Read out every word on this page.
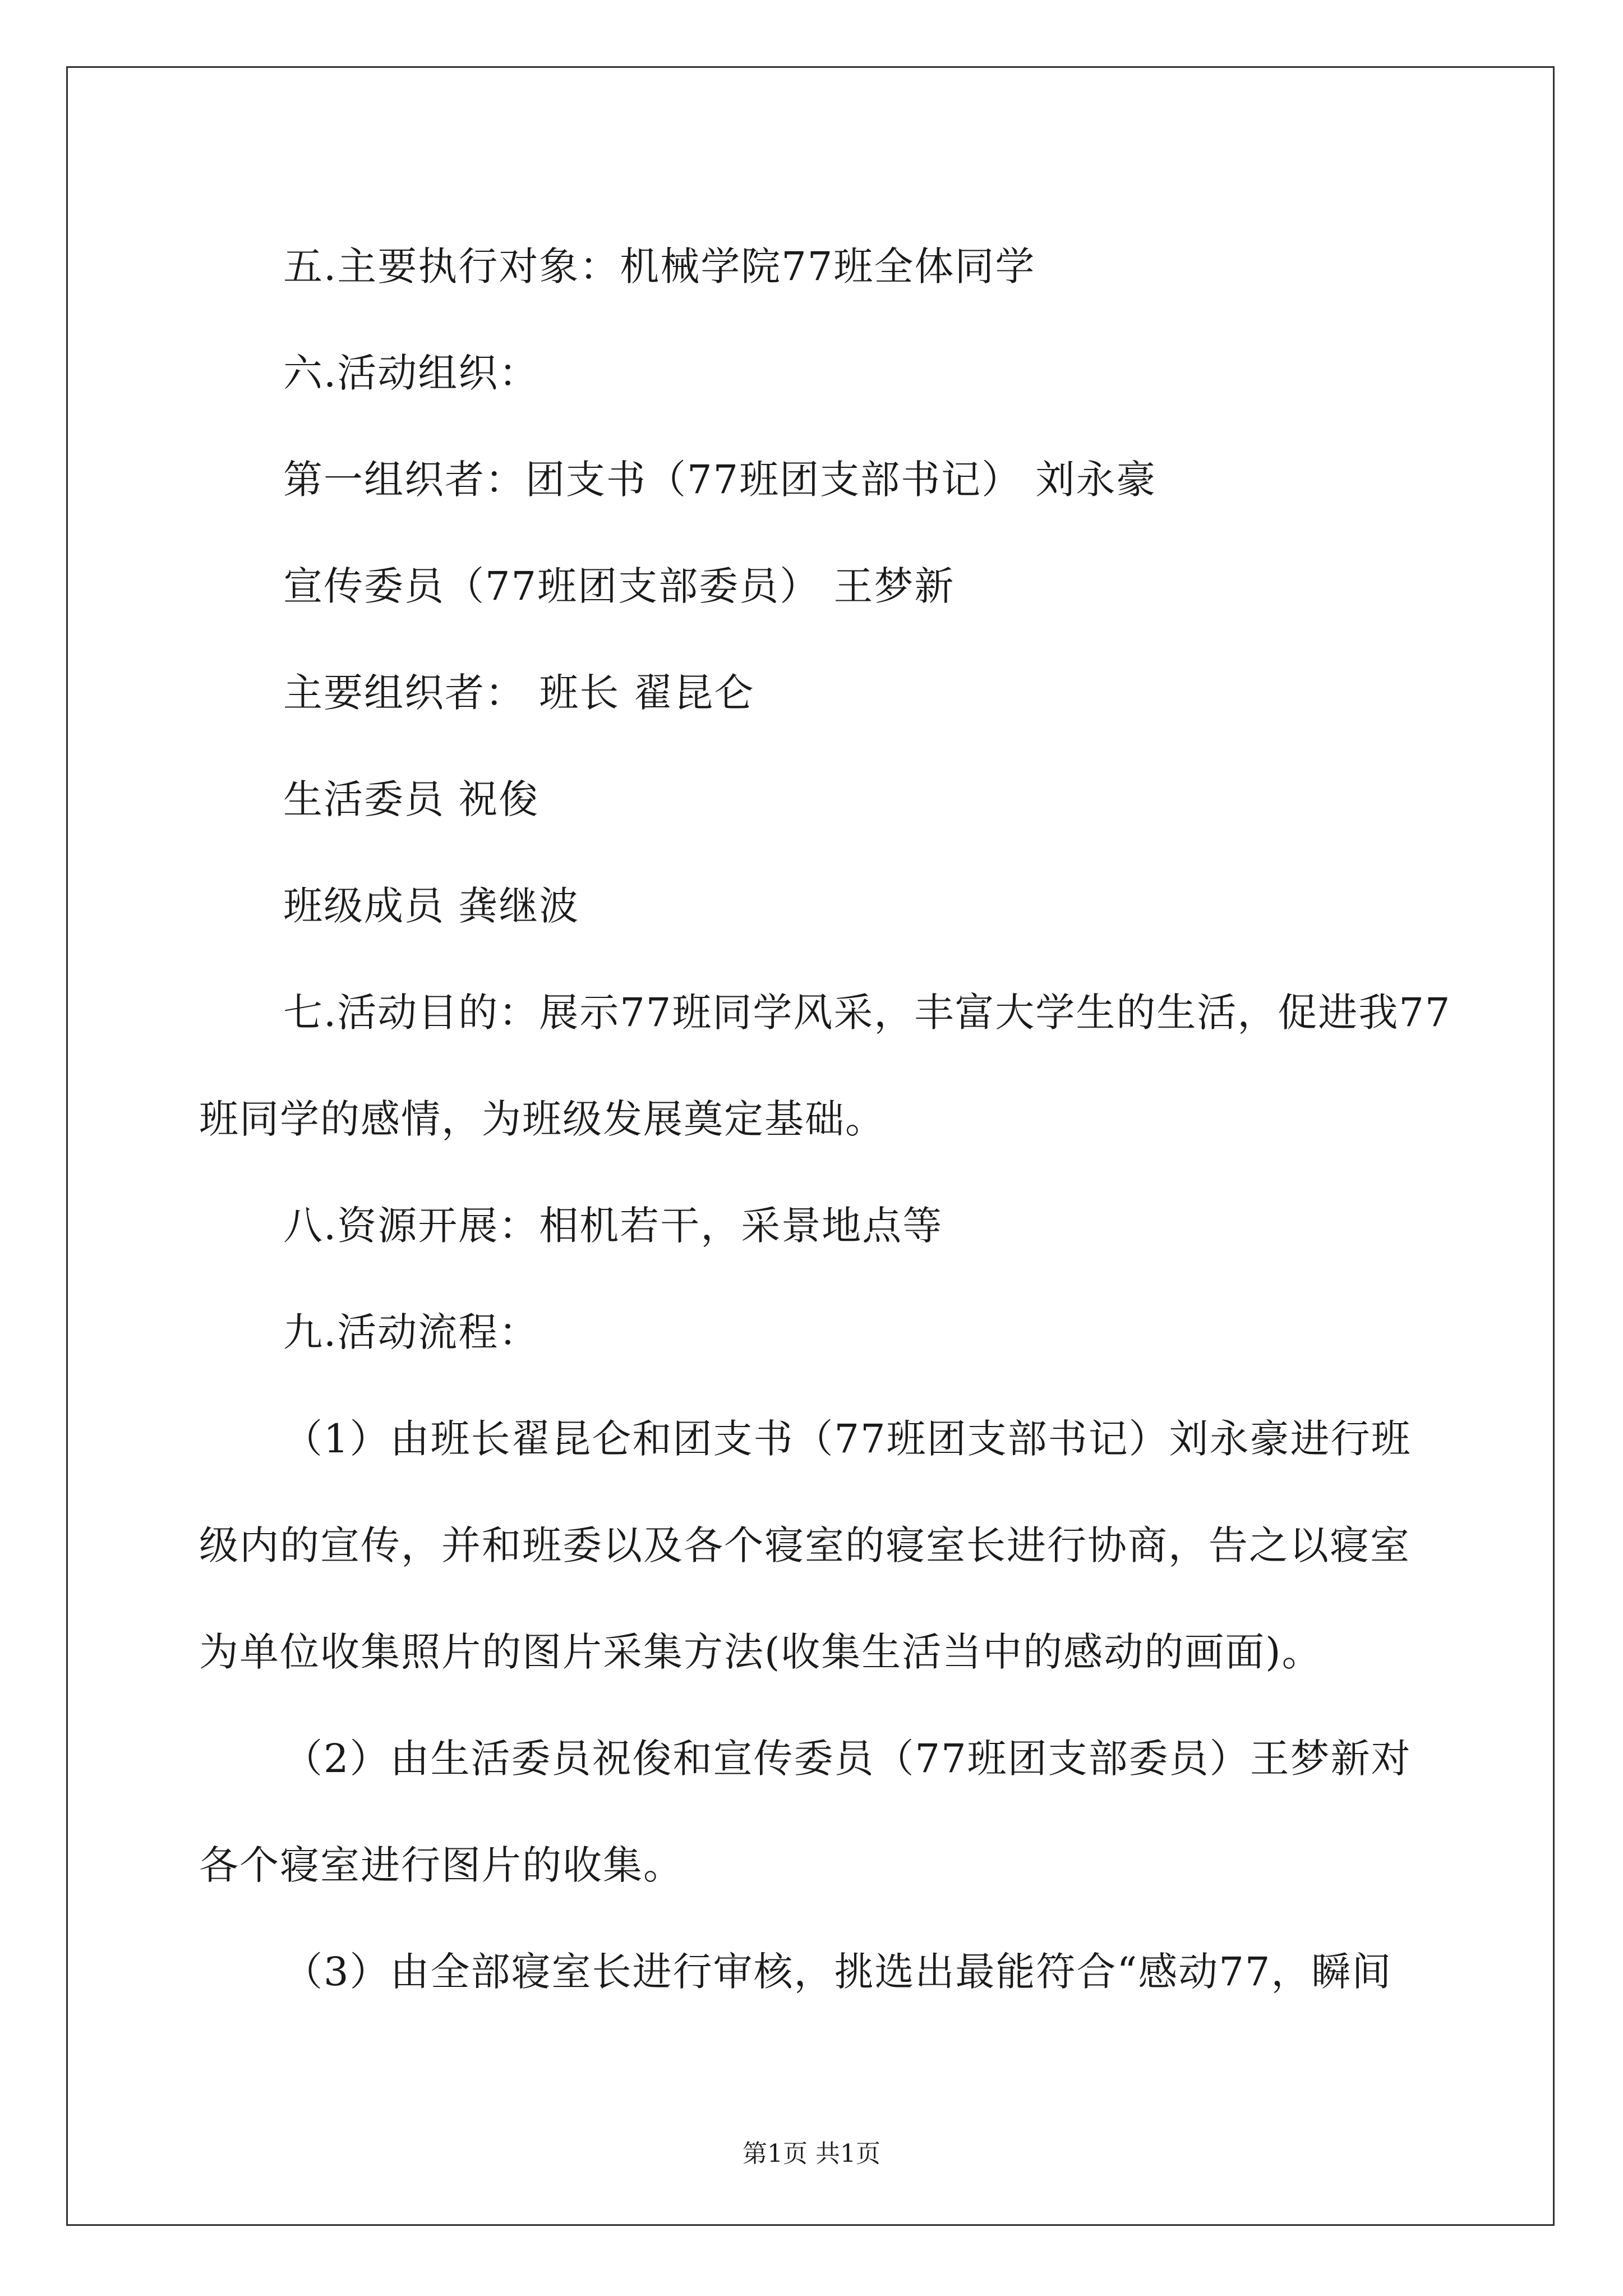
五.主要执行对象：机械学院77班全体同学
六.活动组织：
第一组织者：团支书（77班团支部书记） 刘永豪
宣传委员（77班团支部委员） 王梦新
主要组织者： 班长 翟昆仑
生活委员 祝俊
班级成员 龚继波
七.活动目的：展示77班同学风采，丰富大学生的生活，促进我77
班同学的感情，为班级发展奠定基础。
八.资源开展：相机若干，采景地点等
九.活动流程：
（1）由班长翟昆仑和团支书（77班团支部书记）刘永豪进行班
级内的宣传，并和班委以及各个寝室的寝室长进行协商，告之以寝室
为单位收集照片的图片采集方法(收集生活当中的感动的画面)。
（2）由生活委员祝俊和宣传委员（77班团支部委员）王梦新对
各个寝室进行图片的收集。
（3）由全部寝室长进行审核，挑选出最能符合“感动77，瞬间
第1页 共1页
